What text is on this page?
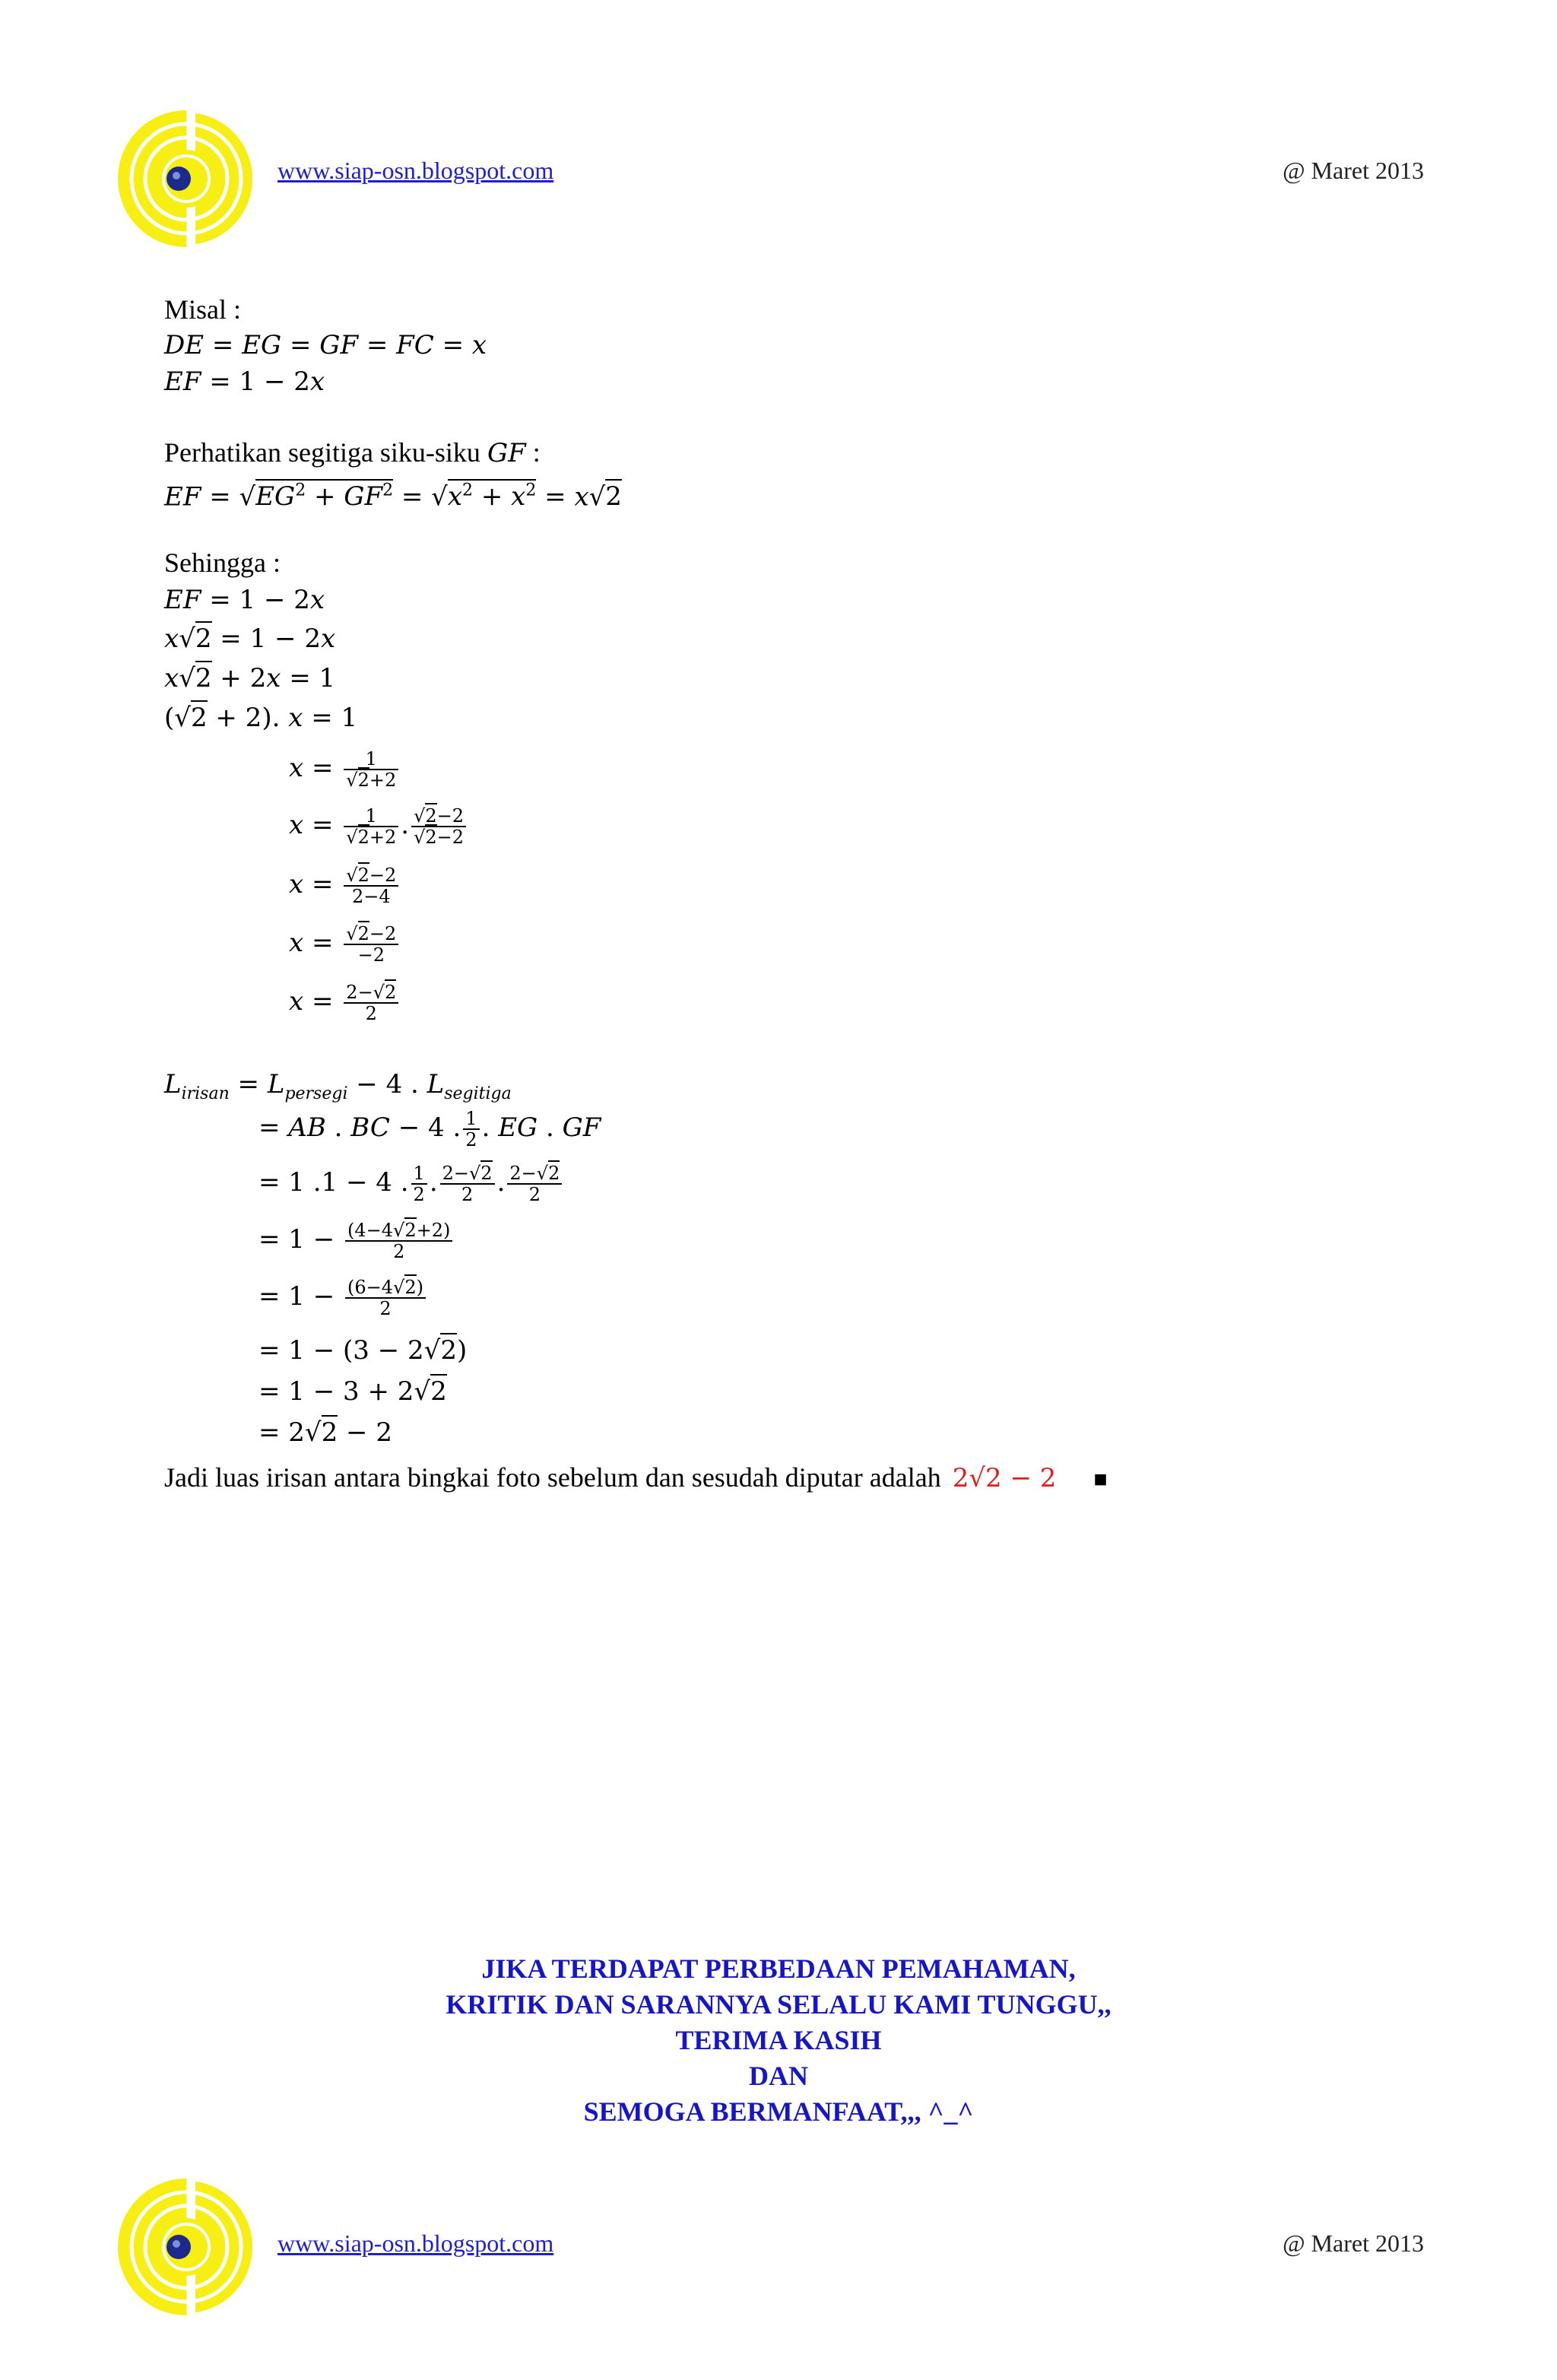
www.siap-osn.blogspot.com	@ Maret 2013
Misal :
DE = EG = GF = FC = x
EF = 1 − 2x
Perhatikan segitiga siku-siku GF :
EF = $√EG^2 + GF^2 = √x^2 + x^2 = x√2$
Sehingga :
EF = 1 − 2x
x√2 = 1 − 2x
x√2 + 2x = 1
(√2 + 2). x = 1
$x = \frac{1}{√2+2}$
$x = \frac{1}{√2+2}$ . $\frac{√2-2}{√2-2}$
$x = \frac{√2-2}{2-4}$
$x = \frac{√2-2}{-2}$
$x = \frac{2-√2}{2}$
$L_{irisan} = L_{persegi} - 4$ . $L_{segitiga}$
= AB . BC − 4 . $\frac{1}{2}$ . EG . GF
= 1 .1 − 4 . $\frac{1}{2}$ . $\frac{2-√2}{2}$ . $\frac{2-√2}{2}$
= $1 - \frac{(4-4√2+2)}{2}$
= $1 - \frac{(6-4√2)}{2}$
= 1 − (3 − 2√2)
= 1 − 3 + 2√2
= 2√2 − 2
Jadi luas irisan antara bingkai foto sebelum dan sesudah diputar adalah 2√2 − 2 ■
JIKA TERDAPAT PERBEDAAN PEMAHAMAN,
KRITIK DAN SARANNYA SELALU KAMI TUNGGU,,
TERIMA KASIH
DAN
SEMOGA BERMANFAAT,,, ^_^
www.siap-osn.blogspot.com	@ Maret 2013
